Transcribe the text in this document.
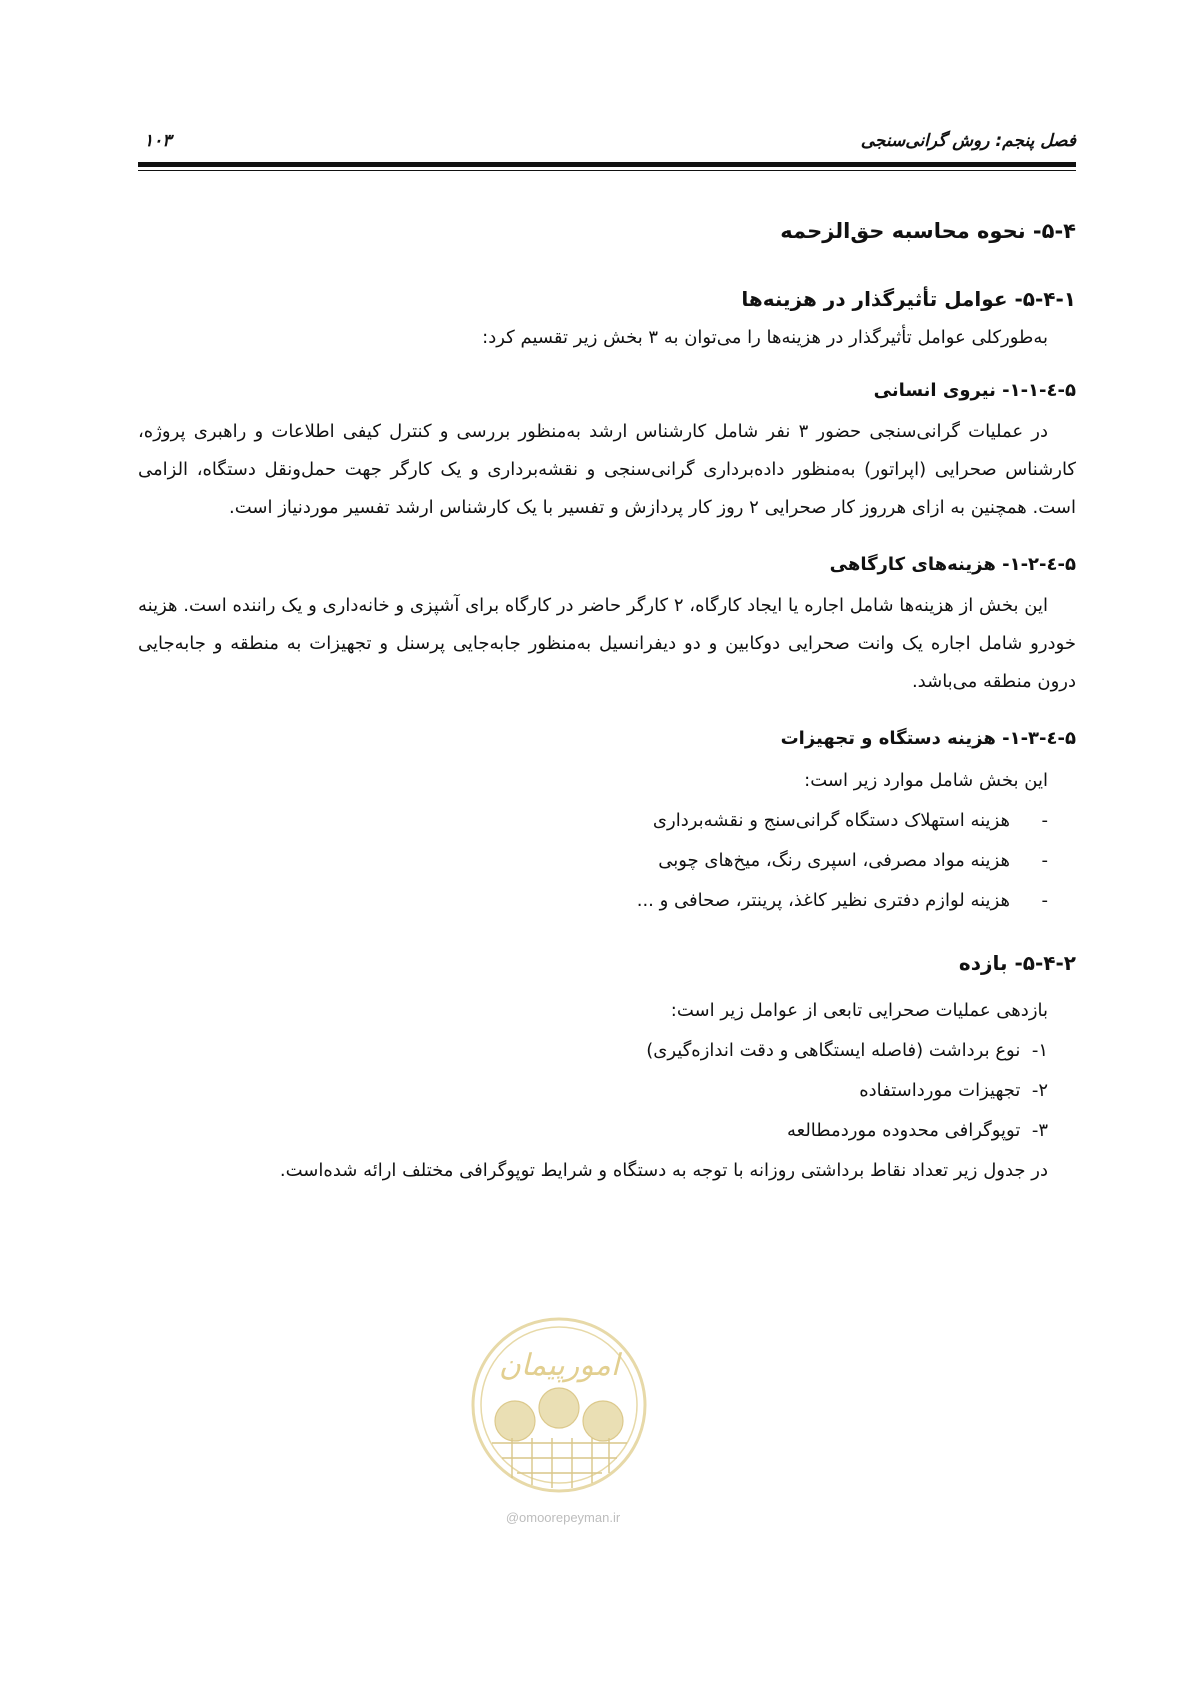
فصل پنجم: روش گرانی‌سنجی
۱۰۳
۵-۴- نحوه محاسبه حق‌الزحمه
۵-۴-۱- عوامل تأثیرگذار در هزینه‌ها

به‌طورکلی عوامل تأثیرگذار در هزینه‌ها را می‌توان به ۳ بخش زیر تقسیم کرد:

۵-٤-۱-۱- نیروی انسانی

در عملیات گرانی‌سنجی حضور ۳ نفر شامل کارشناس ارشد به‌منظور بررسی و کنترل کیفی اطلاعات و راهبری پروژه، کارشناس صحرایی (اپراتور) به‌منظور داده‌برداری گرانی‌سنجی و نقشه‌برداری و یک کارگر جهت حمل‌ونقل دستگاه، الزامی است. همچنین به ازای هرروز کار صحرایی ۲ روز کار پردازش و تفسیر با یک کارشناس ارشد تفسیر موردنیاز است.

۵-٤-۱-۲- هزینه‌های کارگاهی

این بخش از هزینه‌ها شامل اجاره یا ایجاد کارگاه، ۲ کارگر حاضر در کارگاه برای آشپزی و خانه‌داری و یک راننده است. هزینه خودرو شامل اجاره یک وانت صحرایی دوکابین و دو دیفرانسیل به‌منظور جابه‌جایی پرسنل و تجهیزات به منطقه و جابه‌جایی درون منطقه می‌باشد.

۵-٤-۱-۳- هزینه دستگاه و تجهیزات

این بخش شامل موارد زیر است:

-هزینه استهلاک دستگاه گرانی‌سنج و نقشه‌برداری
-هزینه مواد مصرفی، اسپری رنگ، میخ‌های چوبی
-هزینه لوازم دفتری نظیر کاغذ، پرینتر، صحافی و ...
۵-۴-۲- بازده

بازدهی عملیات صحرایی تابعی از عوامل زیر است:

۱-  نوع برداشت (فاصله ایستگاهی و دقت اندازه‌گیری)
۲-  تجهیزات مورداستفاده
۳-  توپوگرافی محدوده موردمطالعه

در جدول زیر تعداد نقاط برداشتی روزانه با توجه به دستگاه و شرایط توپوگرافی مختلف ارائه شده‌است.

امورپیمان
@omoorepeyman.ir
